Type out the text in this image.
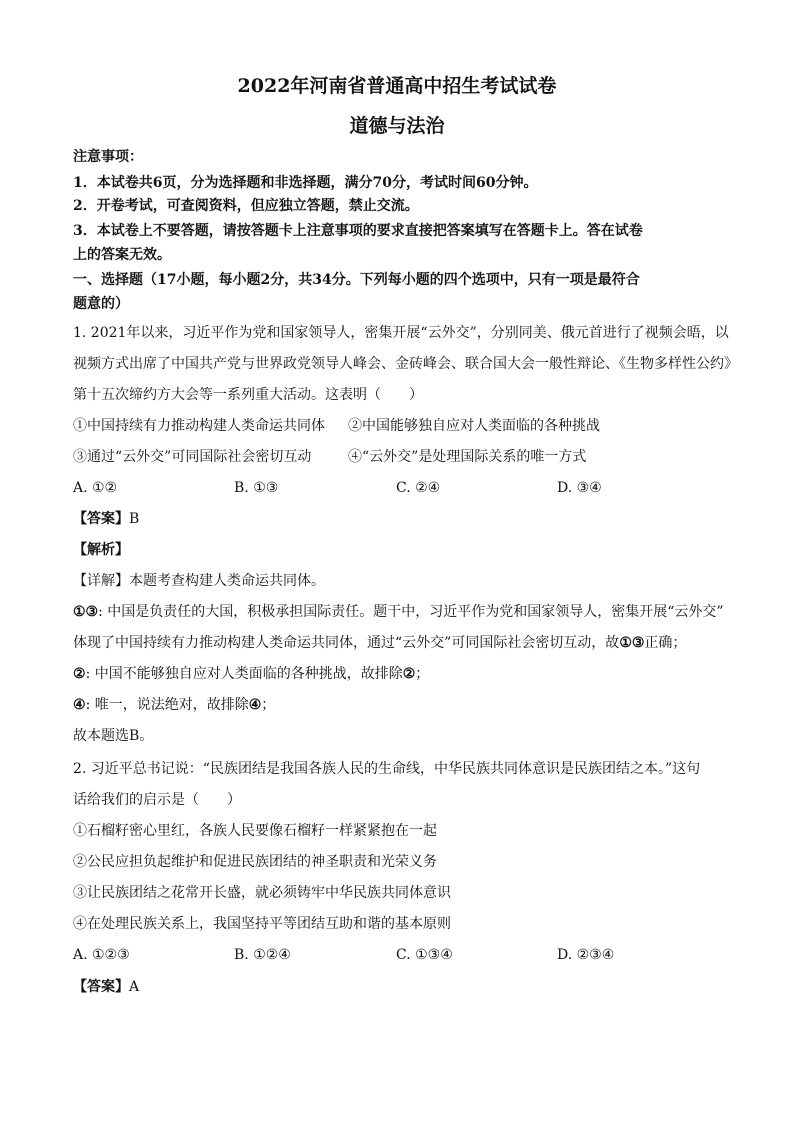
2022年河南省普通高中招生考试试卷
道德与法治
注意事项：
1．本试卷共6页，分为选择题和非选择题，满分70分，考试时间60分钟。
2．开卷考试，可查阅资料，但应独立答题，禁止交流。
3．本试卷上不要答题，请按答题卡上注意事项的要求直接把答案填写在答题卡上。答在试卷
上的答案无效。
一、选择题（17小题，每小题2分，共34分。下列每小题的四个选项中，只有一项是最符合
题意的）
1. 2021年以来，习近平作为党和国家领导人，密集开展“云外交”，分别同美、俄元首进行了视频会晤，以
视频方式出席了中国共产党与世界政党领导人峰会、金砖峰会、联合国大会一般性辩论、《生物多样性公约》
第十五次缔约方大会等一系列重大活动。这表明（　　）
①中国持续有力推动构建人类命运共同体 ②中国能够独自应对人类面临的各种挑战
③通过“云外交”可同国际社会密切互动	④“云外交”是处理国际关系的唯一方式
A. ①②	B. ①③	C. ②④	D. ③④
【答案】B
【解析】
【详解】本题考查构建人类命运共同体。
①③: 中国是负责任的大国，积极承担国际责任。题干中，习近平作为党和国家领导人，密集开展“云外交”
体现了中国持续有力推动构建人类命运共同体，通过“云外交”可同国际社会密切互动，故①③正确；
②: 中国不能够独自应对人类面临的各种挑战，故排除②；
④: 唯一，说法绝对，故排除④；
故本题选B。
2. 习近平总书记说：“民族团结是我国各族人民的生命线，中华民族共同体意识是民族团结之本。”这句
话给我们的启示是（　　）
①石榴籽密心里红，各族人民要像石榴籽一样紧紧抱在一起
②公民应担负起维护和促进民族团结的神圣职责和光荣义务
③让民族团结之花常开长盛，就必须铸牢中华民族共同体意识
④在处理民族关系上，我国坚持平等团结互助和谐的基本原则
A. ①②③	B. ①②④	C. ①③④	D. ②③④
【答案】A
